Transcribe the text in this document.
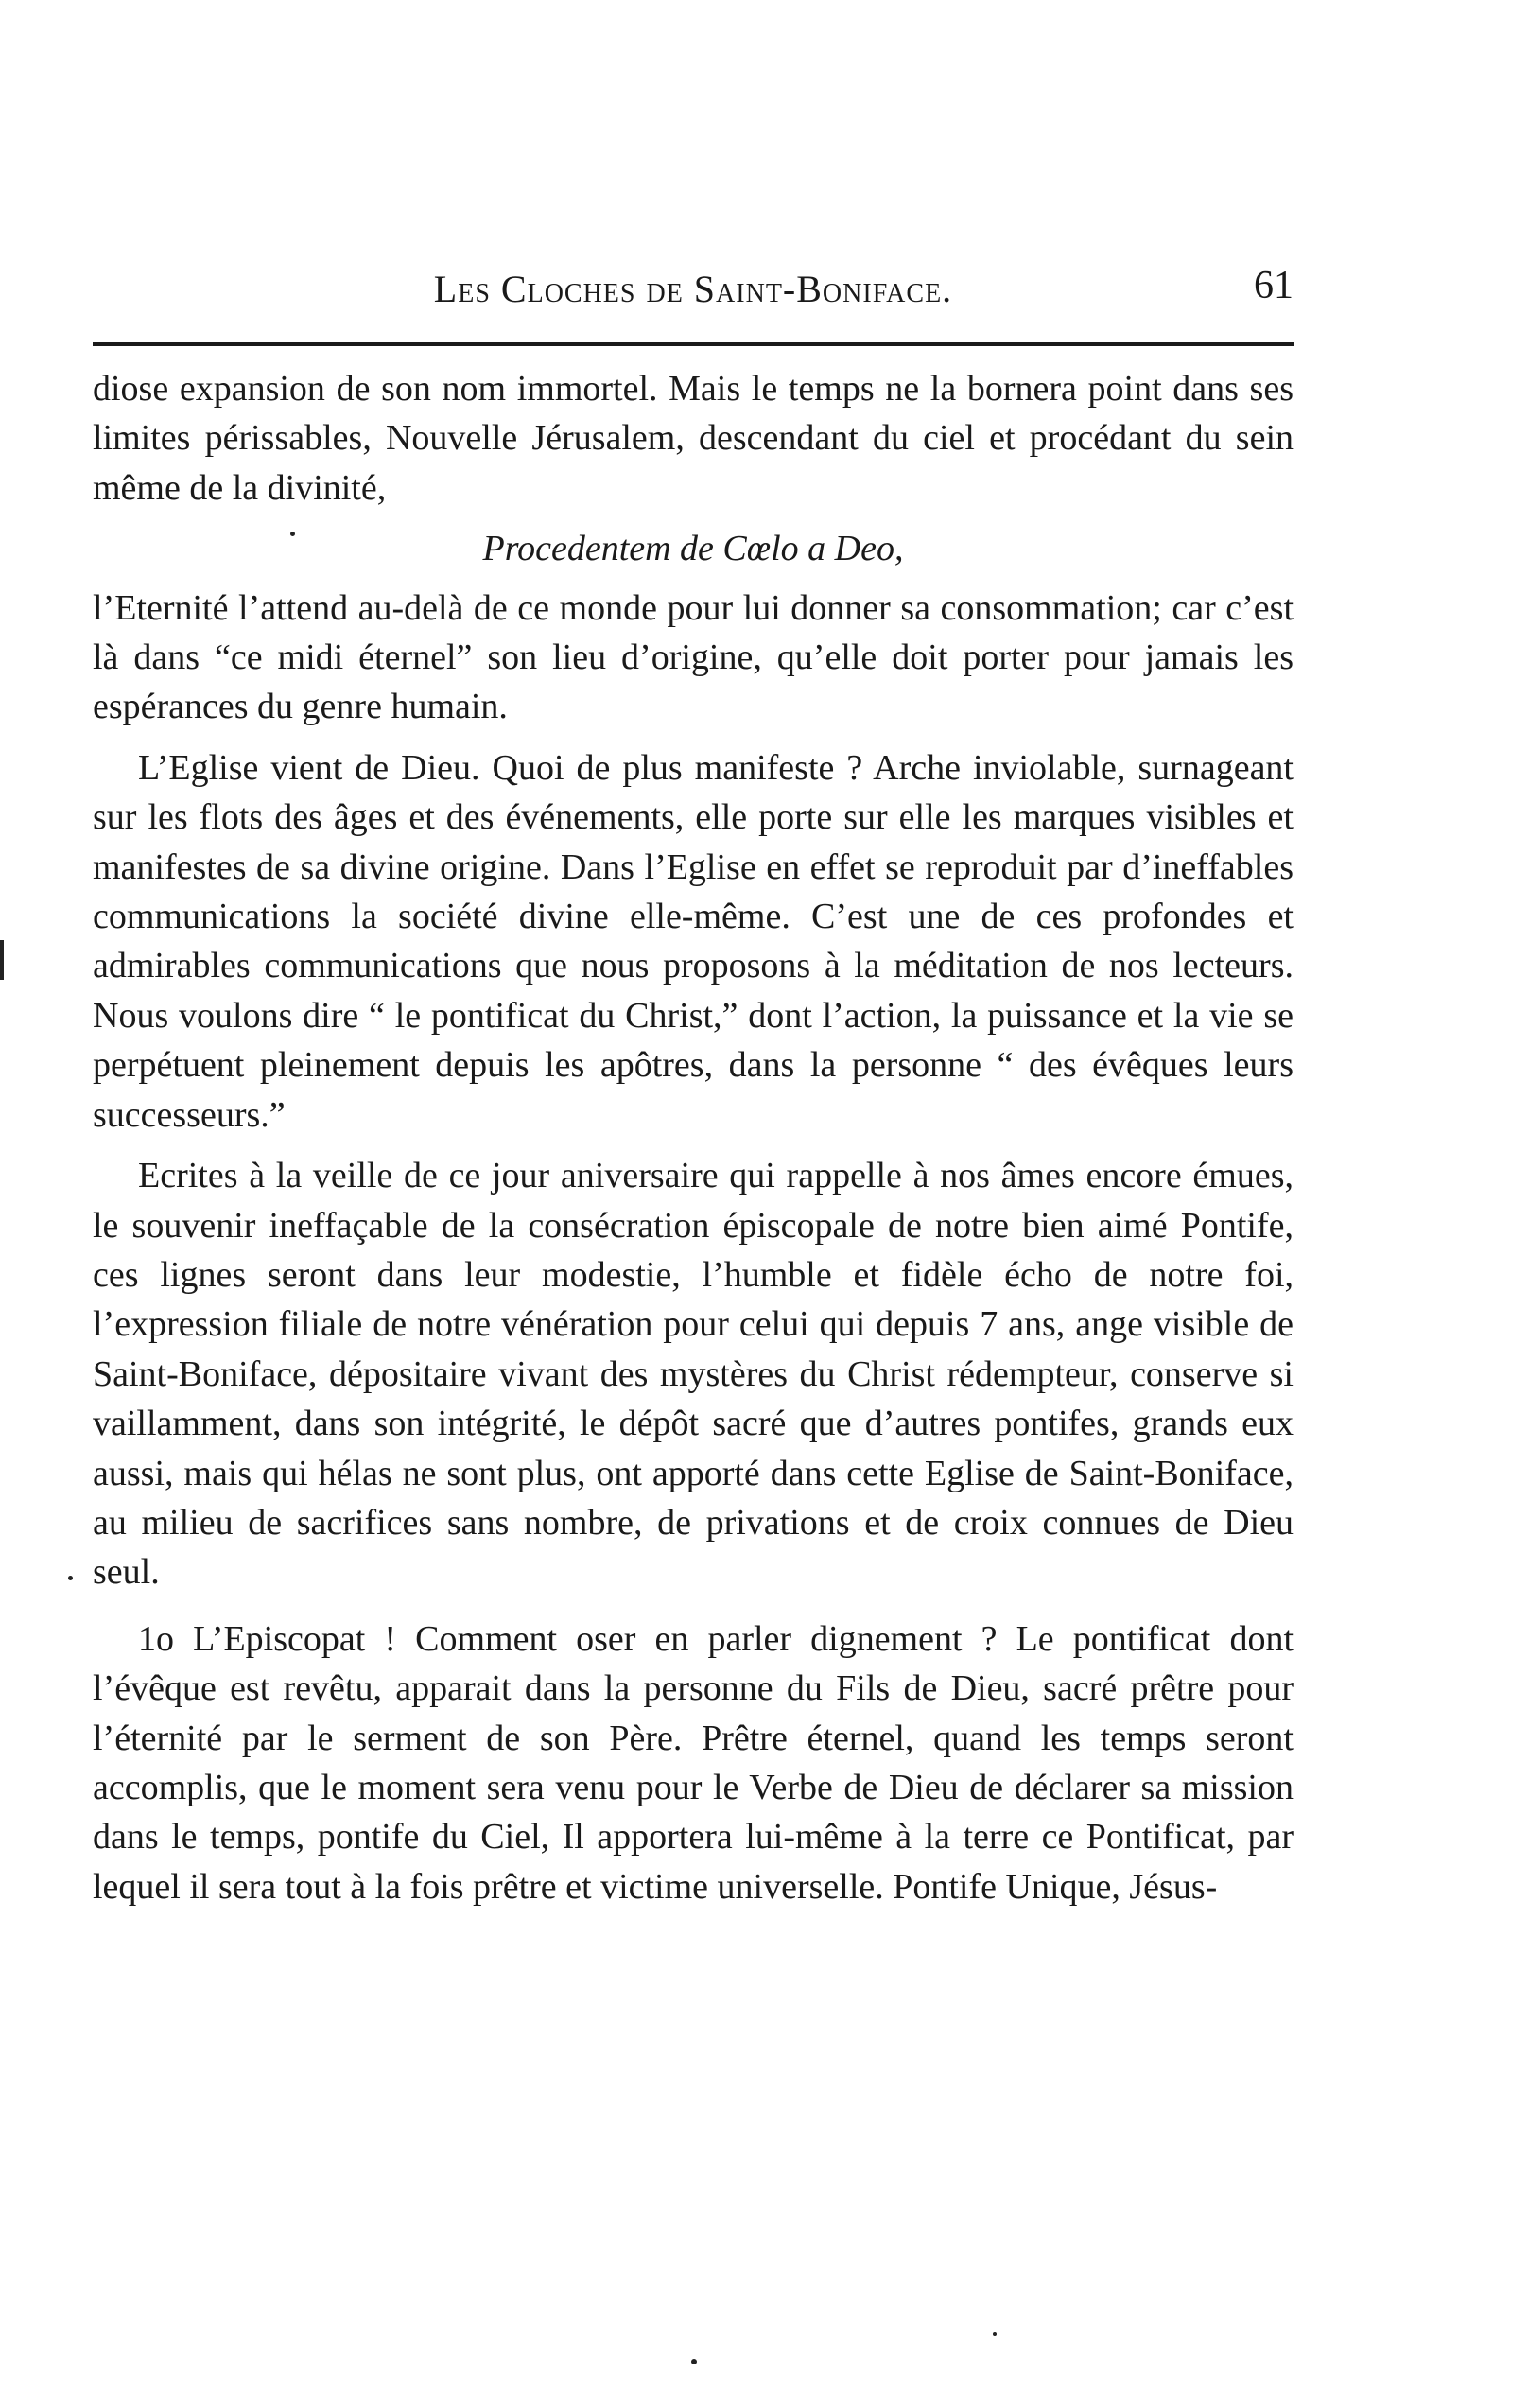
Les Cloches de Saint-Boniface.	61

diose expansion de son nom immortel. Mais le temps ne la bornera point dans ses limites périssables, Nouvelle Jérusalem, descendant du ciel et procédant du sein même de la divinité,

Procedentem de Cœlo a Deo,

l’Eternité l’attend au-delà de ce monde pour lui donner sa consommation; car c’est là dans “ce midi éternel” son lieu d’origine, qu’elle doit porter pour jamais les espérances du genre humain.

L’Eglise vient de Dieu. Quoi de plus manifeste ? Arche inviolable, surnageant sur les flots des âges et des événements, elle porte sur elle les marques visibles et manifestes de sa divine origine. Dans l’Eglise en effet se reproduit par d’ineffables communications la société divine elle-même. C’est une de ces profondes et admirables communications que nous proposons à la méditation de nos lecteurs. Nous voulons dire “ le pontificat du Christ,” dont l’action, la puissance et la vie se perpétuent pleinement depuis les apôtres, dans la personne “ des évêques leurs successeurs.”

Ecrites à la veille de ce jour aniversaire qui rappelle à nos âmes encore émues, le souvenir ineffaçable de la consécration épiscopale de notre bien aimé Pontife, ces lignes seront dans leur modestie, l’humble et fidèle écho de notre foi, l’expression filiale de notre vénération pour celui qui depuis 7 ans, ange visible de Saint-Boniface, dépositaire vivant des mystères du Christ rédempteur, conserve si vaillamment, dans son intégrité, le dépôt sacré que d’autres pontifes, grands eux aussi, mais qui hélas ne sont plus, ont apporté dans cette Eglise de Saint-Boniface, au milieu de sacrifices sans nombre, de privations et de croix connues de Dieu seul.

1o L’Episcopat ! Comment oser en parler dignement ? Le pontificat dont l’évêque est revêtu, apparait dans la personne du Fils de Dieu, sacré prêtre pour l’éternité par le serment de son Père. Prêtre éternel, quand les temps seront accomplis, que le moment sera venu pour le Verbe de Dieu de déclarer sa mission dans le temps, pontife du Ciel, Il apportera lui-même à la terre ce Pontificat, par lequel il sera tout à la fois prêtre et victime universelle. Pontife Unique, Jésus-
